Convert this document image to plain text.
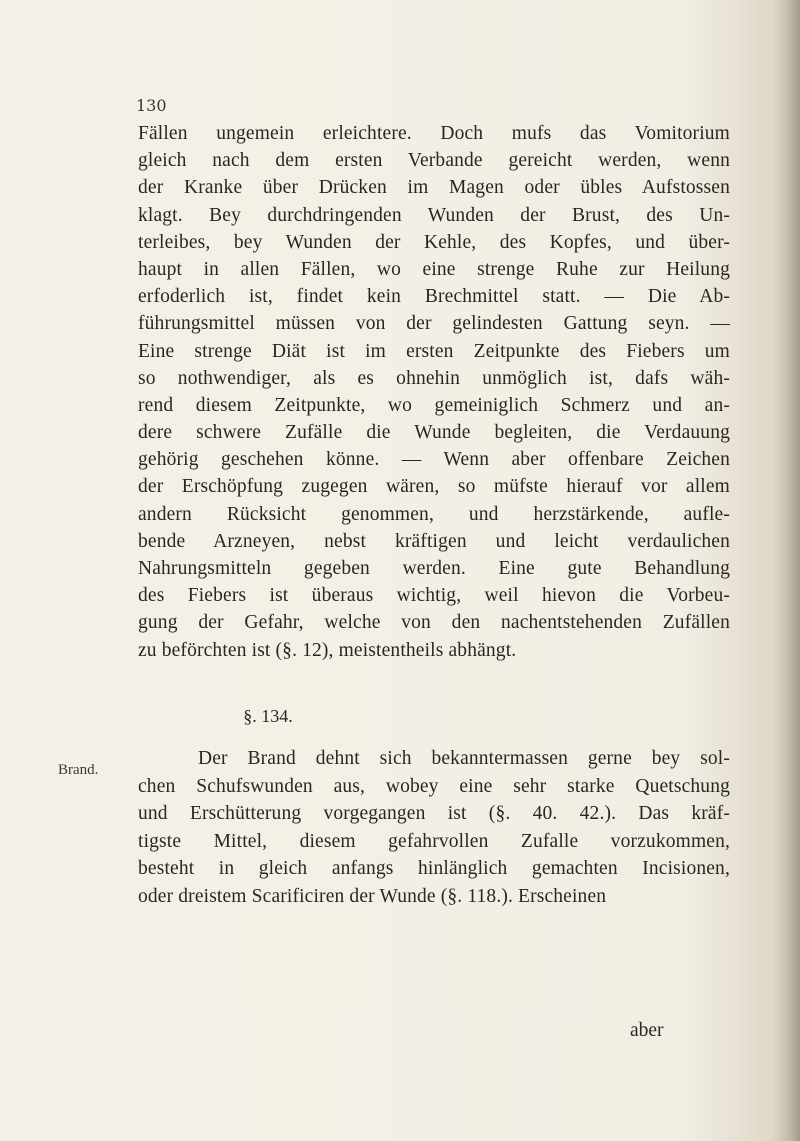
130
Fällen ungemein erleichtere. Doch mufs das Vomitorium
gleich nach dem ersten Verbande gereicht werden, wenn
der Kranke über Drücken im Magen oder übles Aufstossen
klagt. Bey durchdringenden Wunden der Brust, des Un-
terleibes, bey Wunden der Kehle, des Kopfes, und über-
haupt in allen Fällen, wo eine strenge Ruhe zur Heilung
erfoderlich ist, findet kein Brechmittel statt. — Die Ab-
führungsmittel müssen von der gelindesten Gattung seyn. —
Eine strenge Diät ist im ersten Zeitpunkte des Fiebers um
so nothwendiger, als es ohnehin unmöglich ist, dafs wäh-
rend diesem Zeitpunkte, wo gemeiniglich Schmerz und an-
dere schwere Zufälle die Wunde begleiten, die Verdauung
gehörig geschehen könne. — Wenn aber offenbare Zeichen
der Erschöpfung zugegen wären, so müfste hierauf vor allem
andern Rücksicht genommen, und herzstärkende, aufle-
bende Arzneyen, nebst kräftigen und leicht verdaulichen
Nahrungsmitteln gegeben werden. Eine gute Behandlung
des Fiebers ist überaus wichtig, weil hievon die Vorbeu-
gung der Gefahr, welche von den nachentstehenden Zufällen
zu beförchten ist (§. 12), meistentheils abhängt.
§. 134.
Brand.
Der Brand dehnt sich bekanntermassen gerne bey sol-
chen Schufswunden aus, wobey eine sehr starke Quetschung
und Erschütterung vorgegangen ist (§. 40. 42.). Das kräf-
tigste Mittel, diesem gefahrvollen Zufalle vorzukommen,
besteht in gleich anfangs hinlänglich gemachten Incisionen,
oder dreistem Scarificiren der Wunde (§. 118.). Erscheinen
aber
